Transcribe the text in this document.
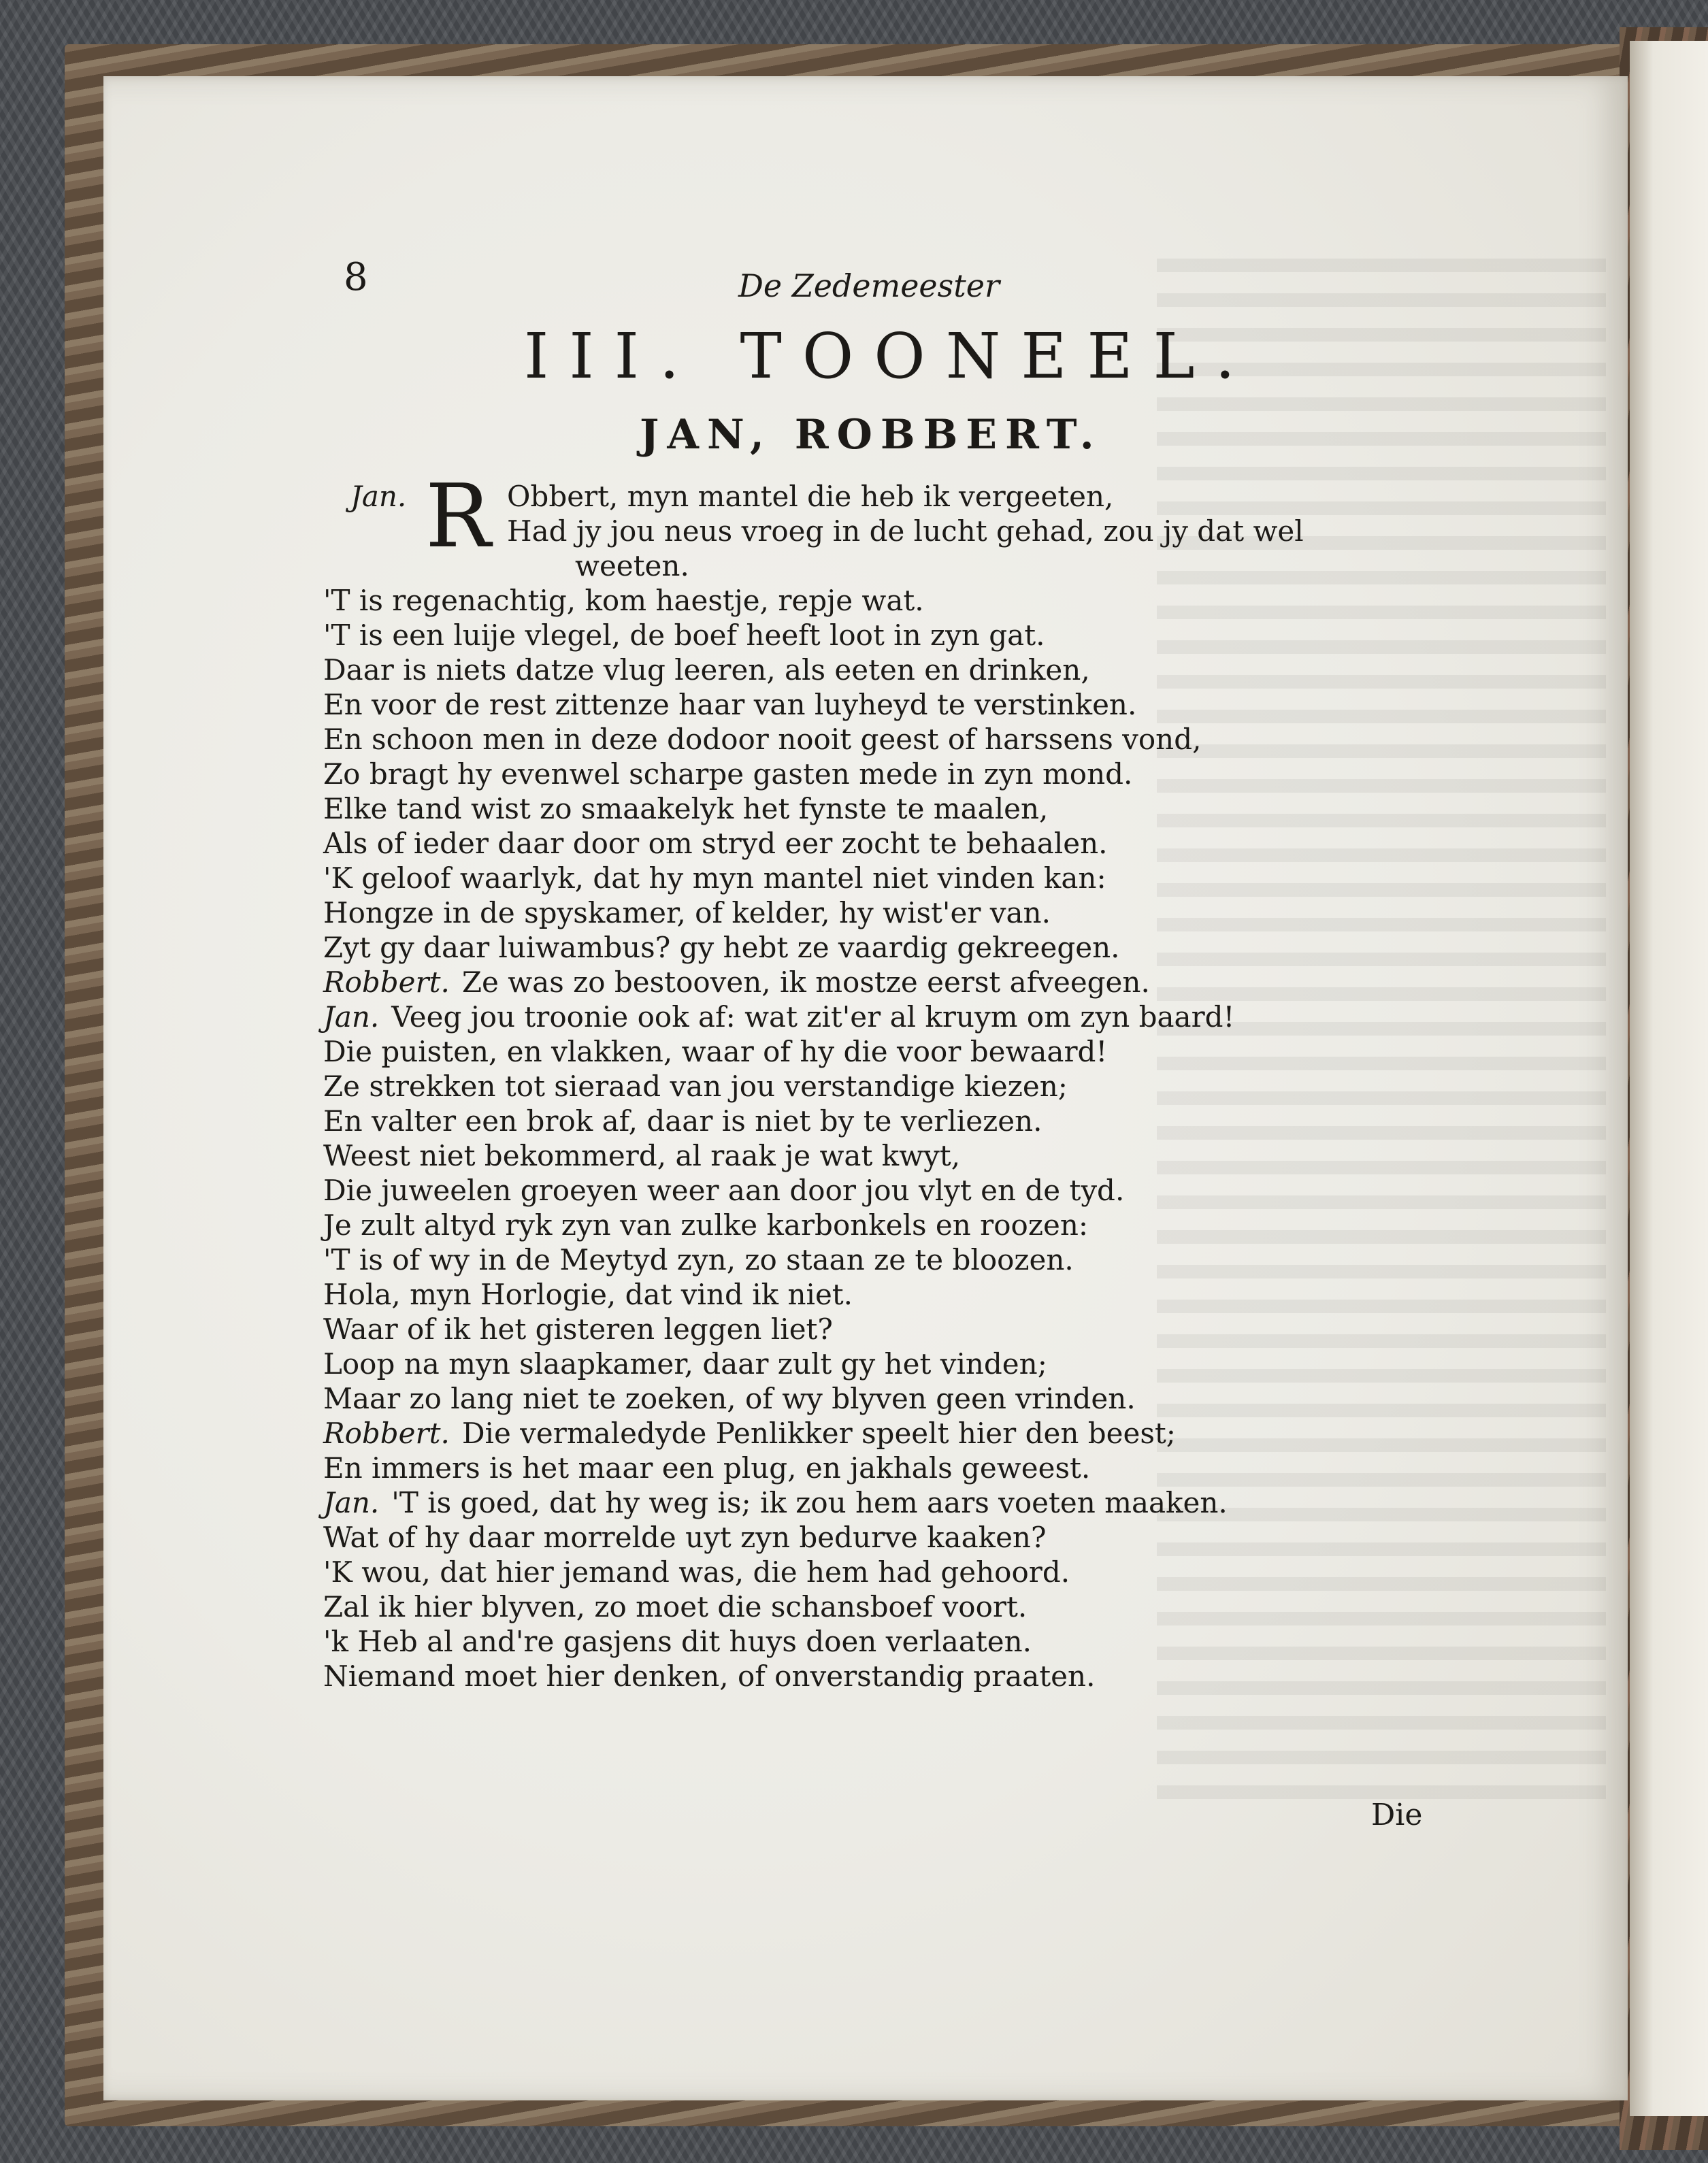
8	De Zedemeester
III. TOONEEL.
JAN, ROBBERT.
Jan. R Obbert, myn mantel die heb ik vergeeten,
Had jy jou neus vroeg in de lucht gehad, zou jy dat wel
weeten.
'T is regenachtig, kom haestje, repje wat.
'T is een luije vlegel, de boef heeft loot in zyn gat.
Daar is niets datze vlug leeren, als eeten en drinken,
En voor de rest zittenze haar van luyheyd te verstinken.
En schoon men in deze dodoor nooit geest of harssens vond,
Zo bragt hy evenwel scharpe gasten mede in zyn mond.
Elke tand wist zo smaakelyk het fynste te maalen,
Als of ieder daar door om stryd eer zocht te behaalen.
'K geloof waarlyk, dat hy myn mantel niet vinden kan:
Hongze in de spyskamer, of kelder, hy wist'er van.
Zyt gy daar luiwambus? gy hebt ze vaardig gekreegen.
Robbert. Ze was zo bestooven, ik mostze eerst afveegen.
Jan. Veeg jou troonie ook af: wat zit'er al kruym om zyn baard!
Die puisten, en vlakken, waar of hy die voor bewaard!
Ze strekken tot sieraad van jou verstandige kiezen;
En valter een brok af, daar is niet by te verliezen.
Weest niet bekommerd, al raak je wat kwyt,
Die juweelen groeyen weer aan door jou vlyt en de tyd.
Je zult altyd ryk zyn van zulke karbonkels en roozen:
'T is of wy in de Meytyd zyn, zo staan ze te bloozen.
Hola, myn Horlogie, dat vind ik niet.
Waar of ik het gisteren leggen liet?
Loop na myn slaapkamer, daar zult gy het vinden;
Maar zo lang niet te zoeken, of wy blyven geen vrinden.
Robbert. Die vermaledyde Penlikker speelt hier den beest;
En immers is het maar een plug, en jakhals geweest.
Jan. 'T is goed, dat hy weg is; ik zou hem aars voeten maaken.
Wat of hy daar morrelde uyt zyn bedurve kaaken?
'K wou, dat hier jemand was, die hem had gehoord.
Zal ik hier blyven, zo moet die schansboef voort.
'k Heb al and're gasjens dit huys doen verlaaten.
Niemand moet hier denken, of onverstandig praaten.
Die
